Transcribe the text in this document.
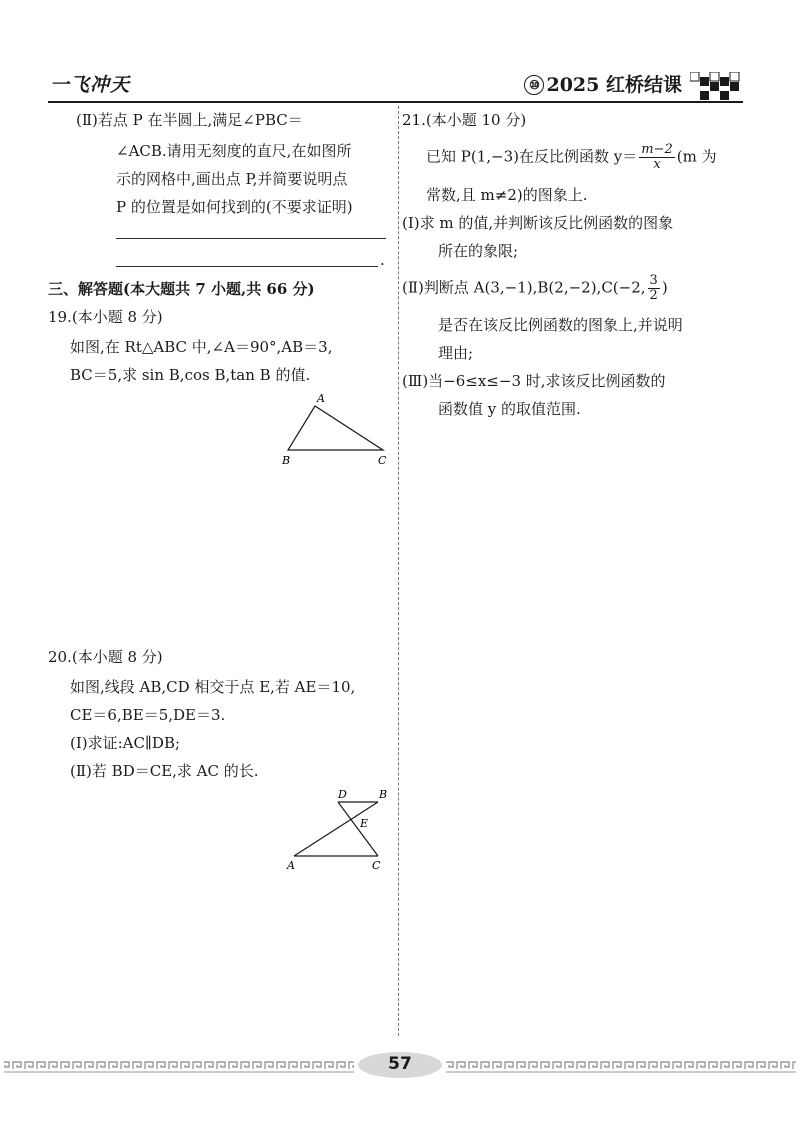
一飞冲天	⑩ 2025 红桥结课
(Ⅱ)若点 P 在半圆上,满足∠PBC＝
∠ACB.请用无刻度的直尺,在如图所
示的网格中,画出点 P,并简要说明点
P 的位置是如何找到的(不要求证明)
.
三、解答题(本大题共 7 小题,共 66 分)
19.(本小题 8 分)
如图,在 Rt△ABC 中,∠A＝90°,AB＝3,
BC＝5,求 sin B,cos B,tan B 的值.
A
B	C
20.(本小题 8 分)
如图,线段 AB,CD 相交于点 E,若 AE＝10,
CE＝6,BE＝5,DE＝3.
(Ⅰ)求证:AC∥DB;
(Ⅱ)若 BD＝CE,求 AC 的长.
D	B
E
A	C
21.(本小题 10 分)
已知 P(1,−3)在反比例函数 $y= \frac{m-2}{x} (m$ 为
常数,且 m≠2)的图象上.
(Ⅰ)求 m 的值,并判断该反比例函数的图象
所在的象限;
(Ⅱ)判断点 A(3,−1),B(2,−2),C(−2, $\frac{3}{2}$ )
是否在该反比例函数的图象上,并说明
理由;
(Ⅲ)当−6≤x≤−3 时,求该反比例函数的
函数值 y 的取值范围.
57
